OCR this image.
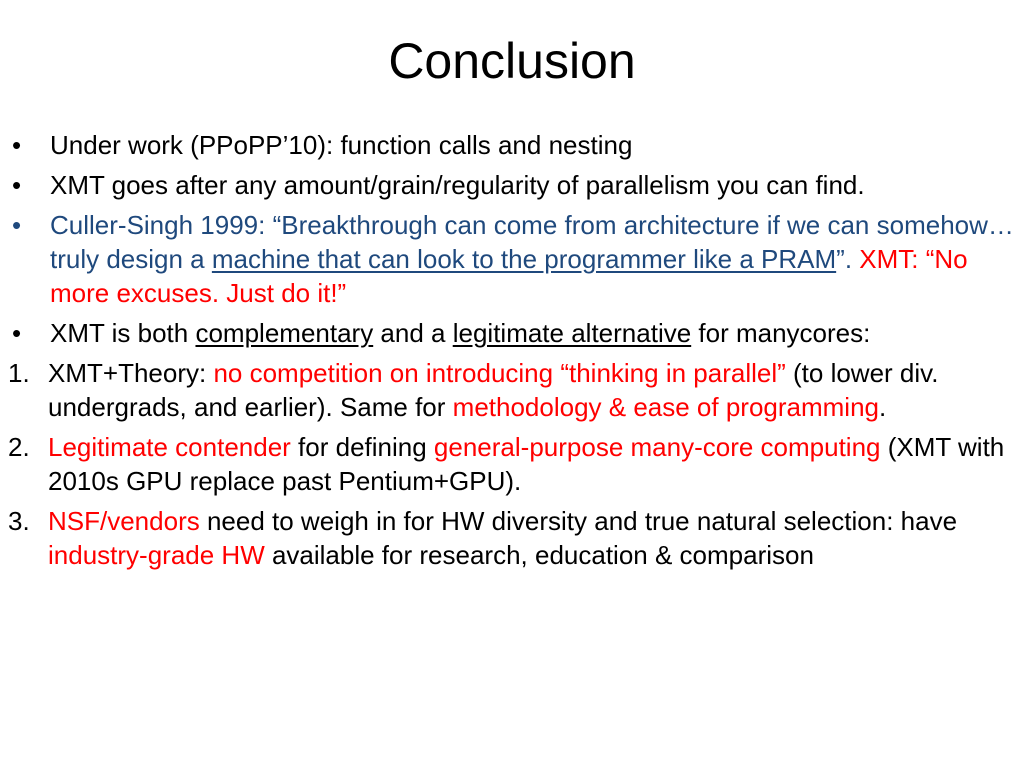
Conclusion
• Under work (PPoPP’10): function calls and nesting
• XMT goes after any amount/grain/regularity of parallelism you can find.
• Culler-Singh 1999: “Breakthrough can come from architecture if we can somehow…truly design a machine that can look to the programmer like a PRAM”. XMT: “No more excuses. Just do it!”
• XMT is both complementary and a legitimate alternative for manycores:
1. XMT+Theory: no competition on introducing “thinking in parallel” (to lower div. undergrads, and earlier). Same for methodology & ease of programming.
2. Legitimate contender for defining general-purpose many-core computing (XMT with 2010s GPU replace past Pentium+GPU).
3. NSF/vendors need to weigh in for HW diversity and true natural selection: have industry-grade HW available for research, education & comparison
